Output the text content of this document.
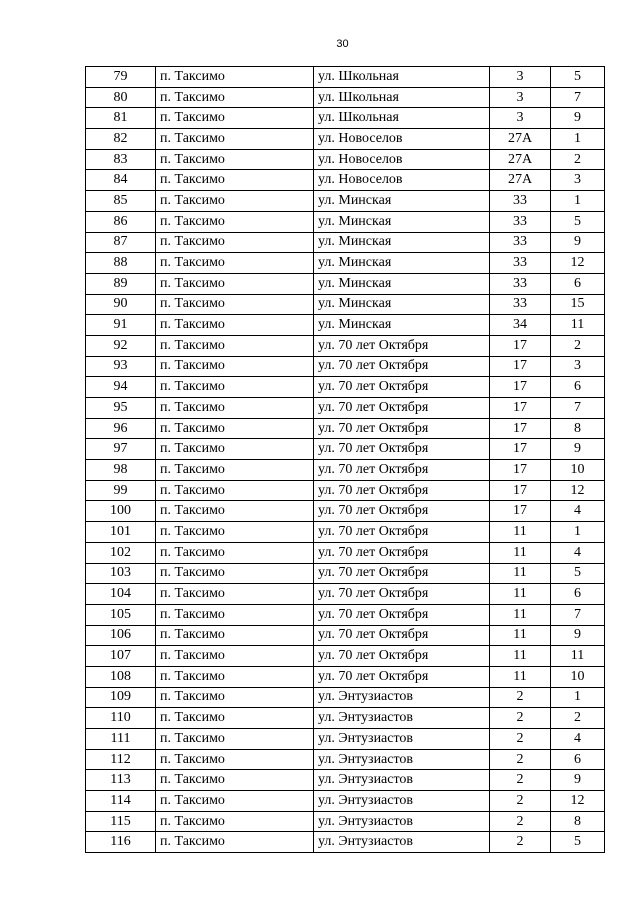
30
79	п. Таксимо	ул. Школьная	3	5
80	п. Таксимо	ул. Школьная	3	7
81	п. Таксимо	ул. Школьная	3	9
82	п. Таксимо	ул. Новоселов	27А	1
83	п. Таксимо	ул. Новоселов	27А	2
84	п. Таксимо	ул. Новоселов	27А	3
85	п. Таксимо	ул. Минская	33	1
86	п. Таксимо	ул. Минская	33	5
87	п. Таксимо	ул. Минская	33	9
88	п. Таксимо	ул. Минская	33	12
89	п. Таксимо	ул. Минская	33	6
90	п. Таксимо	ул. Минская	33	15
91	п. Таксимо	ул. Минская	34	11
92	п. Таксимо	ул. 70 лет Октября	17	2
93	п. Таксимо	ул. 70 лет Октября	17	3
94	п. Таксимо	ул. 70 лет Октября	17	6
95	п. Таксимо	ул. 70 лет Октября	17	7
96	п. Таксимо	ул. 70 лет Октября	17	8
97	п. Таксимо	ул. 70 лет Октября	17	9
98	п. Таксимо	ул. 70 лет Октября	17	10
99	п. Таксимо	ул. 70 лет Октября	17	12
100	п. Таксимо	ул. 70 лет Октября	17	4
101	п. Таксимо	ул. 70 лет Октября	11	1
102	п. Таксимо	ул. 70 лет Октября	11	4
103	п. Таксимо	ул. 70 лет Октября	11	5
104	п. Таксимо	ул. 70 лет Октября	11	6
105	п. Таксимо	ул. 70 лет Октября	11	7
106	п. Таксимо	ул. 70 лет Октября	11	9
107	п. Таксимо	ул. 70 лет Октября	11	11
108	п. Таксимо	ул. 70 лет Октября	11	10
109	п. Таксимо	ул. Энтузиастов	2	1
110	п. Таксимо	ул. Энтузиастов	2	2
111	п. Таксимо	ул. Энтузиастов	2	4
112	п. Таксимо	ул. Энтузиастов	2	6
113	п. Таксимо	ул. Энтузиастов	2	9
114	п. Таксимо	ул. Энтузиастов	2	12
115	п. Таксимо	ул. Энтузиастов	2	8
116	п. Таксимо	ул. Энтузиастов	2	5
